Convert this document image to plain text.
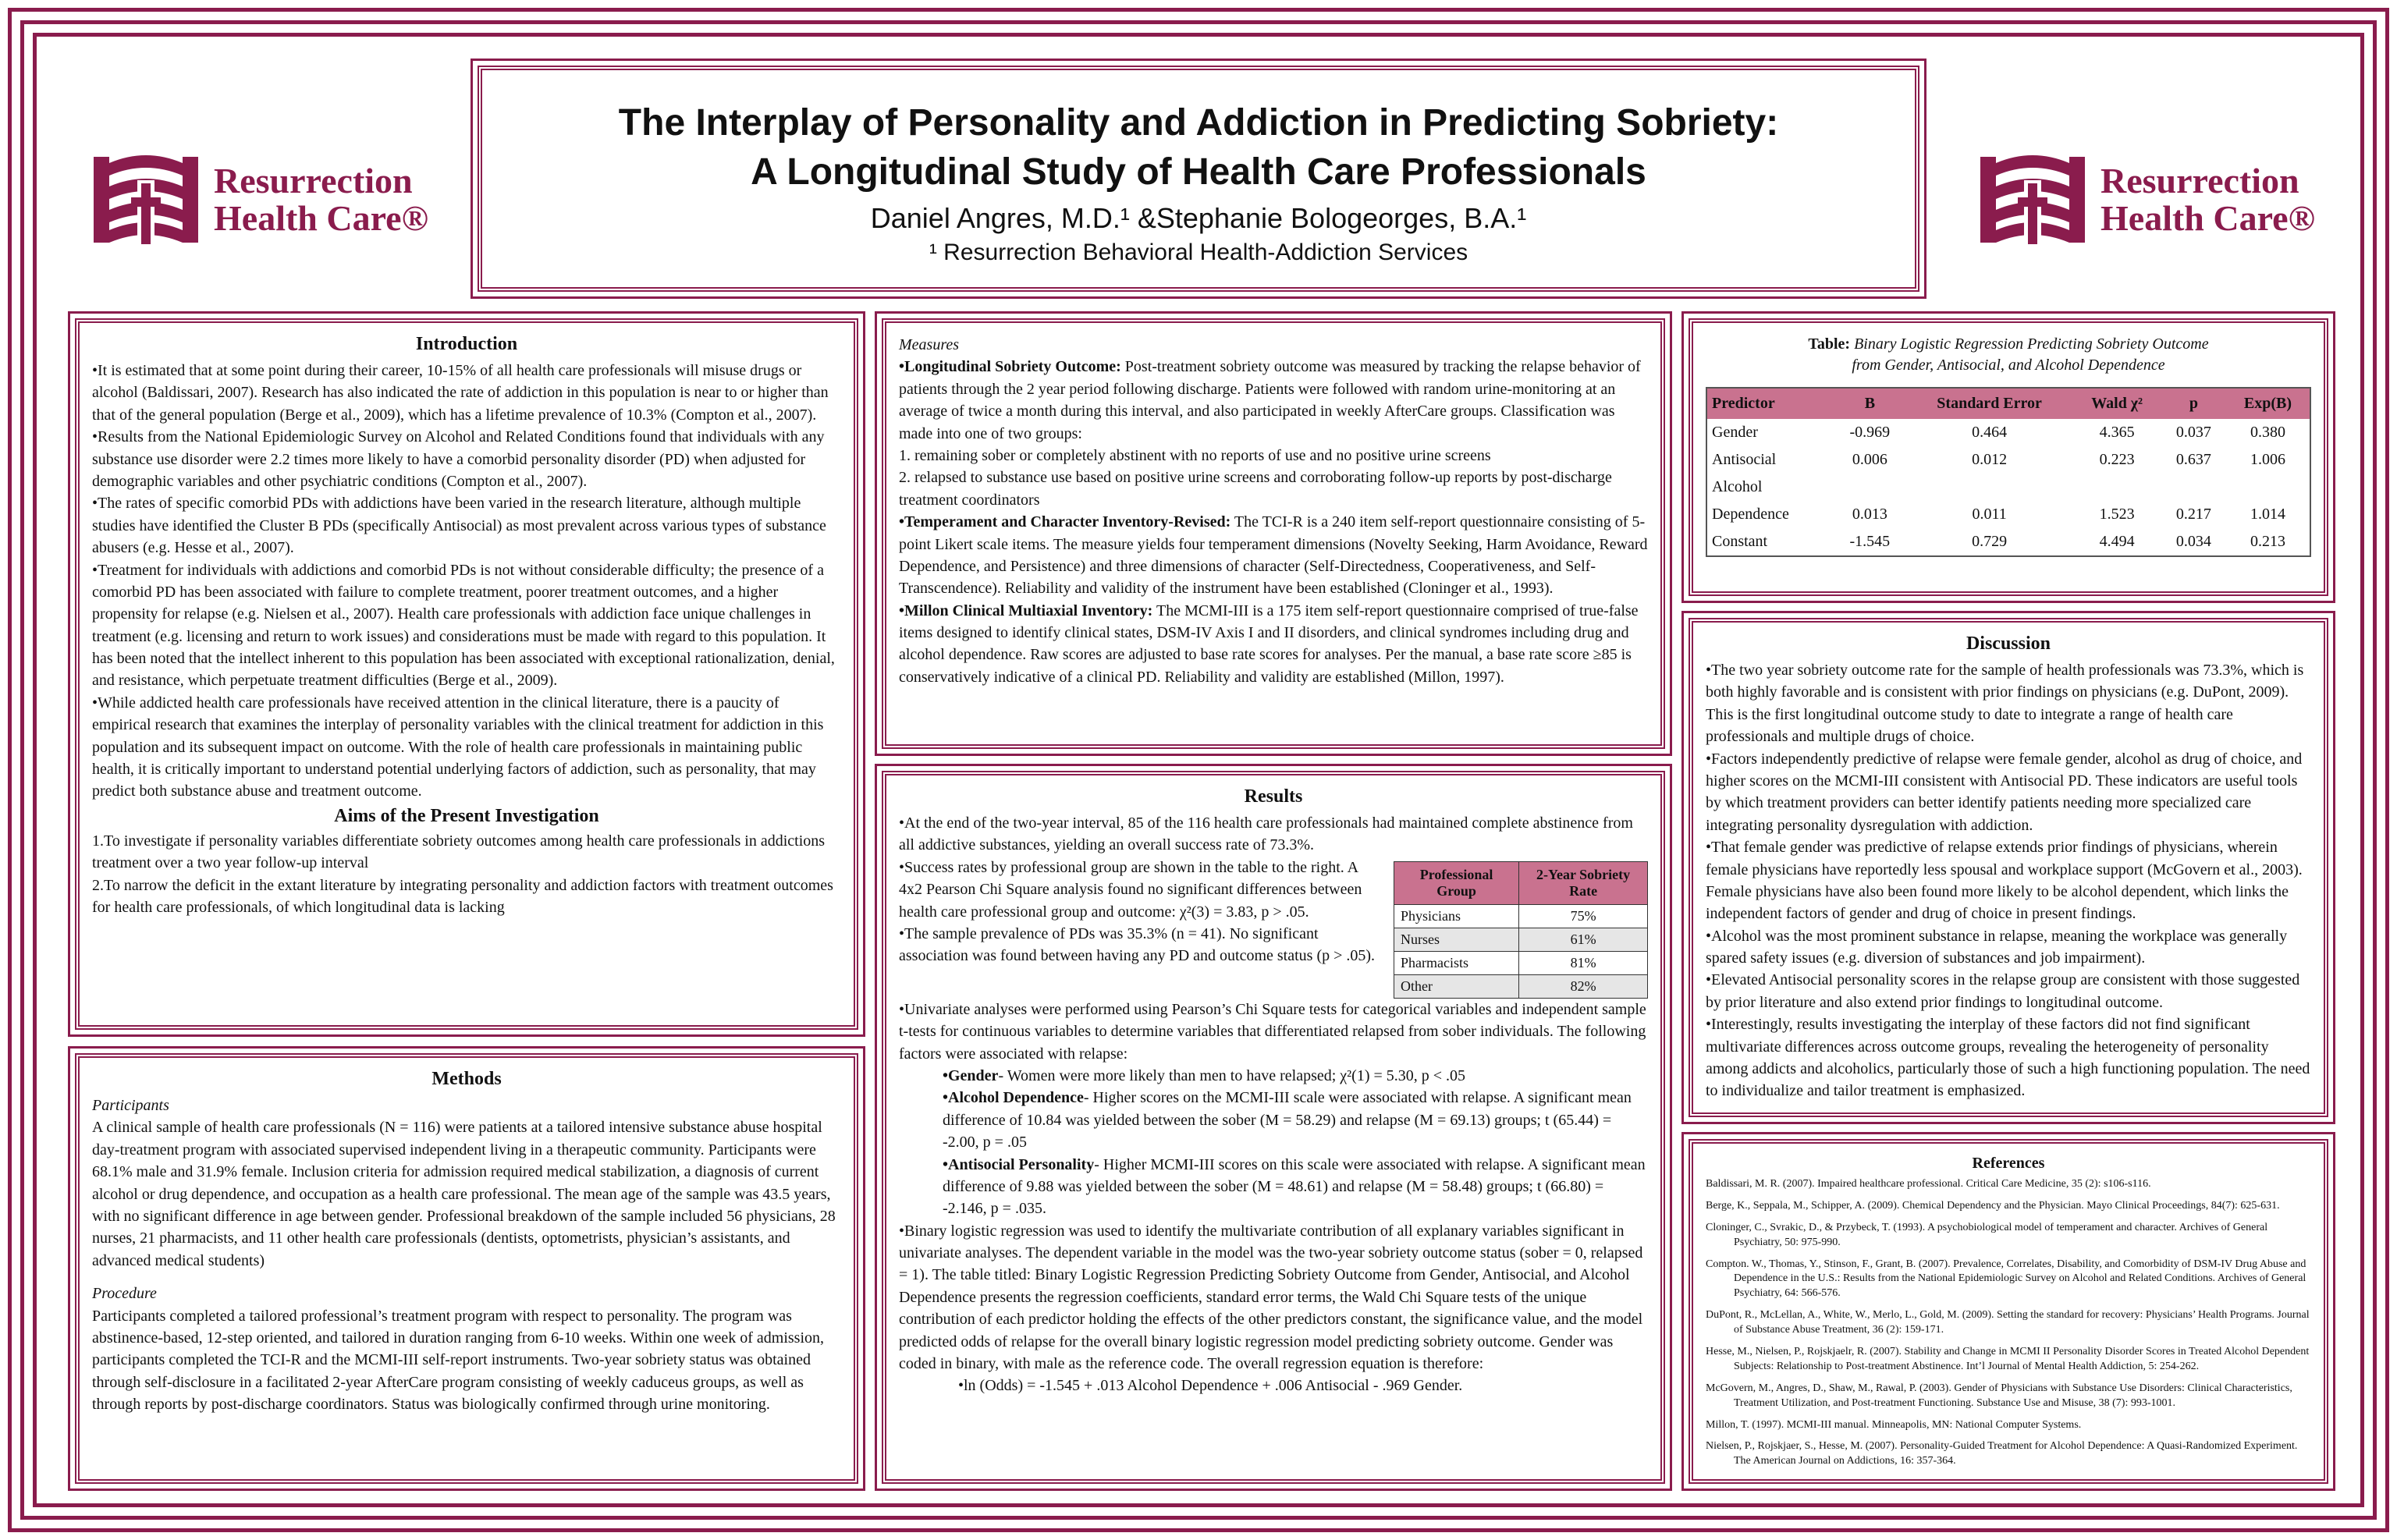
Resurrection
Health Care®
Resurrection
Health Care®
The Interplay of Personality and Addiction in Predicting Sobriety:
A Longitudinal Study of Health Care Professionals
Daniel Angres, M.D.¹ &Stephanie Bologeorges, B.A.¹
¹ Resurrection Behavioral Health-Addiction Services
Introduction

•It is estimated that at some point during their career, 10-15% of all health care professionals will misuse drugs or alcohol (Baldissari, 2007). Research has also indicated the rate of addiction in this population is near to or higher than that of the general population (Berge et al., 2009), which has a lifetime prevalence of 10.3% (Compton et al., 2007).

•Results from the National Epidemiologic Survey on Alcohol and Related Conditions found that individuals with any substance use disorder were 2.2 times more likely to have a comorbid personality disorder (PD) when adjusted for demographic variables and other psychiatric conditions (Compton et al., 2007).

•The rates of specific comorbid PDs with addictions have been varied in the research literature, although multiple studies have identified the Cluster B PDs (specifically Antisocial) as most prevalent across various types of substance abusers (e.g. Hesse et al., 2007).

•Treatment for individuals with addictions and comorbid PDs is not without considerable difficulty; the presence of a comorbid PD has been associated with failure to complete treatment, poorer treatment outcomes, and a higher propensity for relapse (e.g. Nielsen et al., 2007). Health care professionals with addiction face unique challenges in treatment (e.g. licensing and return to work issues) and considerations must be made with regard to this population. It has been noted that the intellect inherent to this population has been associated with exceptional rationalization, denial, and resistance, which perpetuate treatment difficulties (Berge et al., 2009).

•While addicted health care professionals have received attention in the clinical literature, there is a paucity of empirical research that examines the interplay of personality variables with the clinical treatment for addiction in this population and its subsequent impact on outcome. With the role of health care professionals in maintaining public health, it is critically important to understand potential underlying factors of addiction, such as personality, that may predict both substance abuse and treatment outcome.

Aims of the Present Investigation

1.To investigate if personality variables differentiate sobriety outcomes among health care professionals in addictions treatment over a two year follow-up interval

2.To narrow the deficit in the extant literature by integrating personality and addiction factors with treatment outcomes for health care professionals, of which longitudinal data is lacking

Methods

Participants

A clinical sample of health care professionals (N = 116) were patients at a tailored intensive substance abuse hospital day-treatment program with associated supervised independent living in a therapeutic community. Participants were 68.1% male and 31.9% female. Inclusion criteria for admission required medical stabilization, a diagnosis of current alcohol or drug dependence, and occupation as a health care professional. The mean age of the sample was 43.5 years, with no significant difference in age between gender. Professional breakdown of the sample included 56 physicians, 28 nurses, 21 pharmacists, and 11 other health care professionals (dentists, optometrists, physician’s assistants, and advanced medical students)

Procedure

Participants completed a tailored professional’s treatment program with respect to personality. The program was abstinence-based, 12-step oriented, and tailored in duration ranging from 6-10 weeks. Within one week of admission, participants completed the TCI-R and the MCMI-III self-report instruments. Two-year sobriety status was obtained through self-disclosure in a facilitated 2-year AfterCare program consisting of weekly caduceus groups, as well as through reports by post-discharge coordinators. Status was biologically confirmed through urine monitoring.

Measures

•Longitudinal Sobriety Outcome: Post-treatment sobriety outcome was measured by tracking the relapse behavior of patients through the 2 year period following discharge. Patients were followed with random urine-monitoring at an average of twice a month during this interval, and also participated in weekly AfterCare groups. Classification was made into one of two groups:

1. remaining sober or completely abstinent with no reports of use and no positive urine screens

2. relapsed to substance use based on positive urine screens and corroborating follow-up reports by post-discharge treatment coordinators

•Temperament and Character Inventory-Revised: The TCI-R is a 240 item self-report questionnaire consisting of 5-point Likert scale items. The measure yields four temperament dimensions (Novelty Seeking, Harm Avoidance, Reward Dependence, and Persistence) and three dimensions of character (Self-Directedness, Cooperativeness, and Self-Transcendence). Reliability and validity of the instrument have been established (Cloninger et al., 1993).

•Millon Clinical Multiaxial Inventory: The MCMI-III is a 175 item self-report questionnaire comprised of true-false items designed to identify clinical states, DSM-IV Axis I and II disorders, and clinical syndromes including drug and alcohol dependence. Raw scores are adjusted to base rate scores for analyses. Per the manual, a base rate score ≥85 is conservatively indicative of a clinical PD. Reliability and validity are established (Millon, 1997).

Results

•At the end of the two-year interval, 85 of the 116 health care professionals had maintained complete abstinence from all addictive substances, yielding an overall success rate of 73.3%.

•Success rates by professional group are shown in the table to the right. A 4x2 Pearson Chi Square analysis found no significant differences between health care professional group and outcome: χ²(3) = 3.83, p > .05.

•The sample prevalence of PDs was 35.3% (n = 41). No significant association was found between having any PD and outcome status (p > .05).

Professional Group	2-Year Sobriety Rate
Physicians	75%
Nurses	61%
Pharmacists	81%
Other	82%

•Univariate analyses were performed using Pearson’s Chi Square tests for categorical variables and independent sample t-tests for continuous variables to determine variables that differentiated relapsed from sober individuals. The following factors were associated with relapse:

•Gender- Women were more likely than men to have relapsed; χ²(1) = 5.30, p < .05

•Alcohol Dependence- Higher scores on the MCMI-III scale were associated with relapse. A significant mean difference of 10.84 was yielded between the sober (M = 58.29) and relapse (M = 69.13) groups; t (65.44) = -2.00, p = .05

•Antisocial Personality- Higher MCMI-III scores on this scale were associated with relapse. A significant mean difference of 9.88 was yielded between the sober (M = 48.61) and relapse (M = 58.48) groups; t (66.80) = -2.146, p = .035.

•Binary logistic regression was used to identify the multivariate contribution of all explanary variables significant in univariate analyses. The dependent variable in the model was the two-year sobriety outcome status (sober = 0, relapsed = 1). The table titled: Binary Logistic Regression Predicting Sobriety Outcome from Gender, Antisocial, and Alcohol Dependence presents the regression coefficients, standard error terms, the Wald Chi Square tests of the unique contribution of each predictor holding the effects of the other predictors constant, the significance value, and the model predicted odds of relapse for the overall binary logistic regression model predicting sobriety outcome. Gender was coded in binary, with male as the reference code. The overall regression equation is therefore:

•ln (Odds) = -1.545 + .013 Alcohol Dependence + .006 Antisocial - .969 Gender.

Table: Binary Logistic Regression Predicting Sobriety Outcome
from Gender, Antisocial, and Alcohol Dependence
Predictor	B	Standard Error	Wald χ²	p	Exp(B)
Gender	-0.969	0.464	4.365	0.037	0.380
Antisocial	0.006	0.012	0.223	0.637	1.006
Alcohol					
Dependence	0.013	0.011	1.523	0.217	1.014
Constant	-1.545	0.729	4.494	0.034	0.213
Discussion

•The two year sobriety outcome rate for the sample of health professionals was 73.3%, which is both highly favorable and is consistent with prior findings on physicians (e.g. DuPont, 2009). This is the first longitudinal outcome study to date to integrate a range of health care professionals and multiple drugs of choice.

•Factors independently predictive of relapse were female gender, alcohol as drug of choice, and higher scores on the MCMI-III consistent with Antisocial PD. These indicators are useful tools by which treatment providers can better identify patients needing more specialized care integrating personality dysregulation with addiction.

•That female gender was predictive of relapse extends prior findings of physicians, wherein female physicians have reportedly less spousal and workplace support (McGovern et al., 2003). Female physicians have also been found more likely to be alcohol dependent, which links the independent factors of gender and drug of choice in present findings.

•Alcohol was the most prominent substance in relapse, meaning the workplace was generally spared safety issues (e.g. diversion of substances and job impairment).

•Elevated Antisocial personality scores in the relapse group are consistent with those suggested by prior literature and also extend prior findings to longitudinal outcome.

•Interestingly, results investigating the interplay of these factors did not find significant multivariate differences across outcome groups, revealing the heterogeneity of personality among addicts and alcoholics, particularly those of such a high functioning population. The need to individualize and tailor treatment is emphasized.

References

Baldissari, M. R. (2007). Impaired healthcare professional. Critical Care Medicine, 35 (2): s106-s116.

Berge, K., Seppala, M., Schipper, A. (2009). Chemical Dependency and the Physician. Mayo Clinical Proceedings, 84(7): 625-631.

Cloninger, C., Svrakic, D., & Przybeck, T. (1993). A psychobiological model of temperament and character. Archives of General Psychiatry, 50: 975-990.

Compton. W., Thomas, Y., Stinson, F., Grant, B. (2007). Prevalence, Correlates, Disability, and Comorbidity of DSM-IV Drug Abuse and Dependence in the U.S.: Results from the National Epidemiologic Survey on Alcohol and Related Conditions. Archives of General Psychiatry, 64: 566-576.

DuPont, R., McLellan, A., White, W., Merlo, L., Gold, M. (2009). Setting the standard for recovery: Physicians’ Health Programs. Journal of Substance Abuse Treatment, 36 (2): 159-171.

Hesse, M., Nielsen, P., Rojskjaelr, R. (2007). Stability and Change in MCMI II Personality Disorder Scores in Treated Alcohol Dependent Subjects: Relationship to Post-treatment Abstinence. Int’l Journal of Mental Health Addiction, 5: 254-262.

McGovern, M., Angres, D., Shaw, M., Rawal, P. (2003). Gender of Physicians with Substance Use Disorders: Clinical Characteristics, Treatment Utilization, and Post-treatment Functioning. Substance Use and Misuse, 38 (7): 993-1001.

Millon, T. (1997). MCMI-III manual. Minneapolis, MN: National Computer Systems.

Nielsen, P., Rojskjaer, S., Hesse, M. (2007). Personality-Guided Treatment for Alcohol Dependence: A Quasi-Randomized Experiment. The American Journal on Addictions, 16: 357-364.
